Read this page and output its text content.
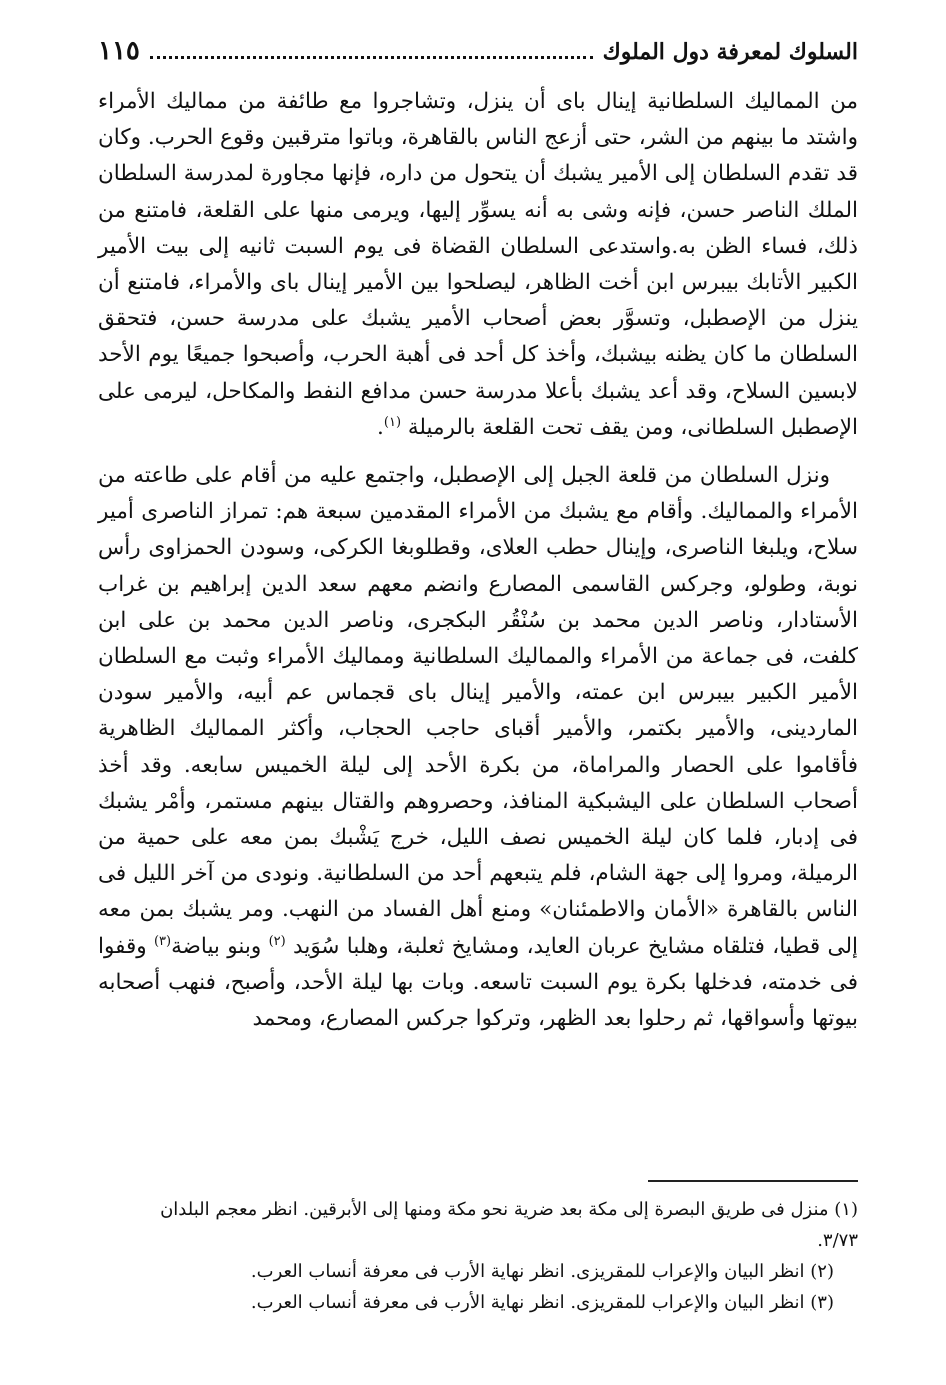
السلوك لمعرفة دول الملوك
١١٥

من المماليك السلطانية إينال باى أن ينزل، وتشاجروا مع طائفة من مماليك الأمراء واشتد ما بينهم من الشر، حتى أزعج الناس بالقاهرة، وباتوا مترقبين وقوع الحرب. وكان قد تقدم السلطان إلى الأمير يشبك أن يتحول من داره، فإنها مجاورة لمدرسة السلطان الملك الناصر حسن، فإنه وشى به أنه يسوِّر إليها، ويرمى منها على القلعة، فامتنع من ذلك، فساء الظن به.واستدعى السلطان القضاة فى يوم السبت ثانيه إلى بيت الأمير الكبير الأتابك بيبرس ابن أخت الظاهر، ليصلحوا بين الأمير إينال باى والأمراء، فامتنع أن ينزل من الإصطبل، وتسوَّر بعض أصحاب الأمير يشبك على مدرسة حسن، فتحقق السلطان ما كان يظنه بيشبك، وأخذ كل أحد فى أهبة الحرب، وأصبحوا جميعًا يوم الأحد لابسين السلاح، وقد أعد يشبك بأعلا مدرسة حسن مدافع النفط والمكاحل، ليرمى على الإصطبل السلطانى، ومن يقف تحت القلعة بالرميلة $^{(١)}$.

ونزل السلطان من قلعة الجبل إلى الإصطبل، واجتمع عليه من أقام على طاعته من الأمراء والمماليك. وأقام مع يشبك من الأمراء المقدمين سبعة هم: تمراز الناصرى أمير سلاح، ويلبغا الناصرى، وإينال حطب العلاى، وقطلوبغا الكركى، وسودن الحمزاوى رأس نوبة، وطولو، وجركس القاسمى المصارع وانضم معهم سعد الدين إبراهيم بن غراب الأستادار، وناصر الدين محمد بن سُنْقُر البكجرى، وناصر الدين محمد بن على ابن كلفت، فى جماعة من الأمراء والمماليك السلطانية ومماليك الأمراء وثبت مع السلطان الأمير الكبير بيبرس ابن عمته، والأمير إينال باى قجماس عم أبيه، والأمير سودن الماردينى، والأمير بكتمر، والأمير أقباى حاجب الحجاب، وأكثر المماليك الظاهرية فأقاموا على الحصار والمراماة، من بكرة الأحد إلى ليلة الخميس سابعه. وقد أخذ أصحاب السلطان على اليشبكية المنافذ، وحصروهم والقتال بينهم مستمر، وأمْر يشبك فى إدبار، فلما كان ليلة الخميس نصف الليل، خرج يَشْبك بمن معه على حمية من الرميلة، ومروا إلى جهة الشام، فلم يتبعهم أحد من السلطانية. ونودى من آخر الليل فى الناس بالقاهرة «الأمان والاطمئنان» ومنع أهل الفساد من النهب. ومر يشبك بمن معه إلى قطيا، فتلقاه مشايخ عربان العايد، ومشايخ ثعلبة، وهلبا سُوَيد $^{(٢)}$ وبنو بياضة$^{(٣)}$ وقفوا فى خدمته، فدخلها بكرة يوم السبت تاسعه. وبات بها ليلة الأحد، وأصبح، فنهب أصحابه بيوتها وأسواقها، ثم رحلوا بعد الظهر، وتركوا جركس المصارع، ومحمد

(١) منزل فى طريق البصرة إلى مكة بعد ضرية نحو مكة ومنها إلى الأبرقين. انظر معجم البلدان

٣/٧٣.

(٢) انظر البيان والإعراب للمقريزى. انظر نهاية الأرب فى معرفة أنساب العرب.

(٣) انظر البيان والإعراب للمقريزى. انظر نهاية الأرب فى معرفة أنساب العرب.
